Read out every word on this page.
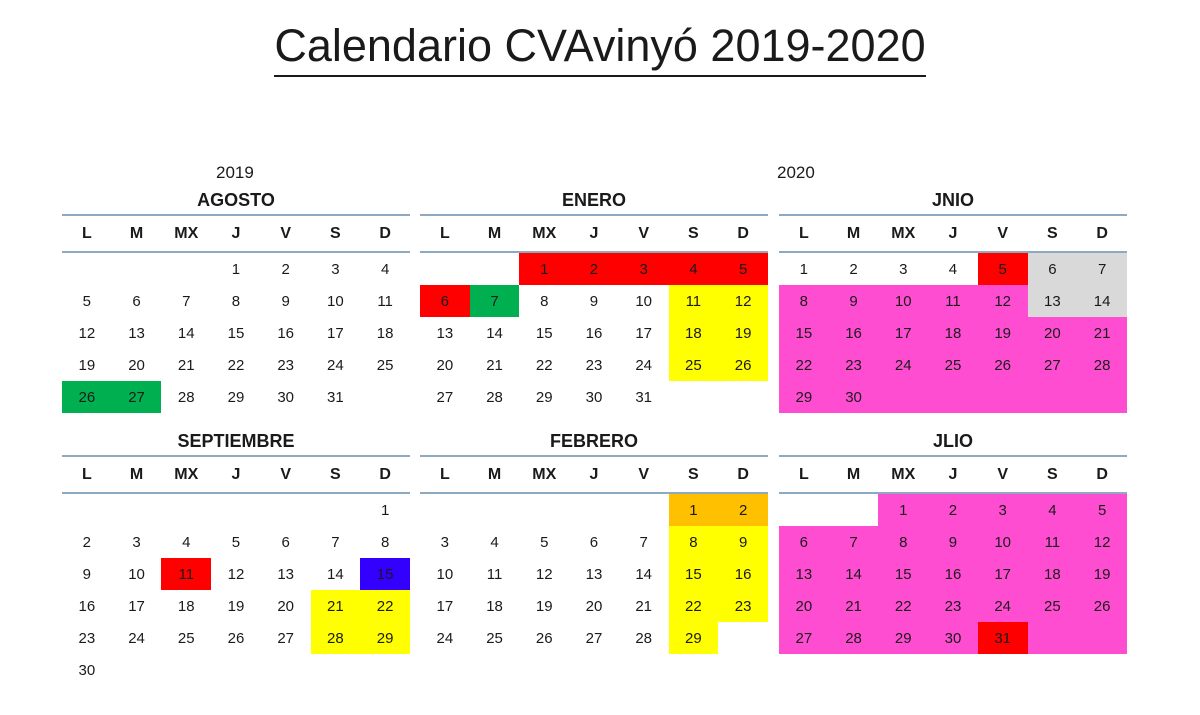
Calendario CVAvinyó 2019-2020
2019	2020
AGOSTO
L	M	MX	J	V	S	D
			1	2	3	4
5	6	7	8	9	10	11
12	13	14	15	16	17	18
19	20	21	22	23	24	25
26	27	28	29	30	31	
SEPTIEMBRE
L	M	MX	J	V	S	D
						1
2	3	4	5	6	7	8
9	10	11	12	13	14	15
16	17	18	19	20	21	22
23	24	25	26	27	28	29
30						
ENERO
L	M	MX	J	V	S	D
		1	2	3	4	5
6	7	8	9	10	11	12
13	14	15	16	17	18	19
20	21	22	23	24	25	26
27	28	29	30	31		
FEBRERO
L	M	MX	J	V	S	D
					1	2
3	4	5	6	7	8	9
10	11	12	13	14	15	16
17	18	19	20	21	22	23
24	25	26	27	28	29	
JNIO
L	M	MX	J	V	S	D
1	2	3	4	5	6	7
8	9	10	11	12	13	14
15	16	17	18	19	20	21
22	23	24	25	26	27	28
29	30					
JLIO
L	M	MX	J	V	S	D
		1	2	3	4	5
6	7	8	9	10	11	12
13	14	15	16	17	18	19
20	21	22	23	24	25	26
27	28	29	30	31		
